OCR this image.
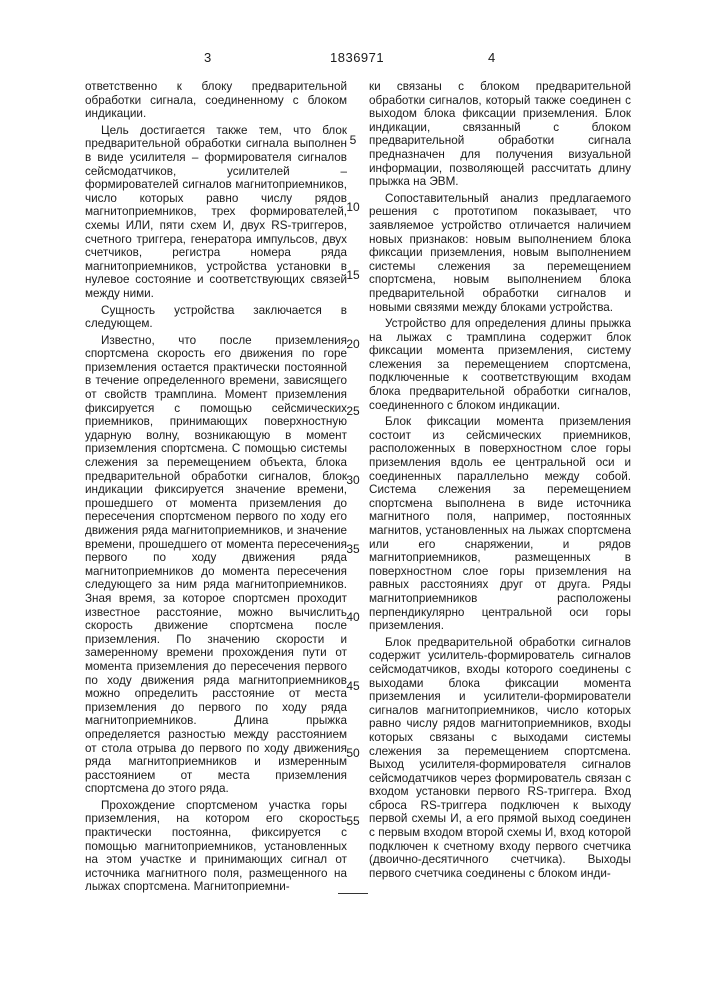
3	1836971	4

ответственно к блоку предварительной обработки сигнала, соединенному с блоком индикации.

Цель достигается также тем, что блок предварительной обработки сигнала выполнен в виде усилителя – формирователя сигналов сейсмодатчиков, усилителей – формирователей сигналов магнитоприемников, число которых равно числу рядов магнитоприемников, трех формирователей, схемы ИЛИ, пяти схем И, двух RS-триггеров, счетного триггера, генератора импульсов, двух счетчиков, регистра номера ряда магнитоприемников, устройства установки в нулевое состояние и соответствующих связей между ними.

Сущность устройства заключается в следующем.

Известно, что после приземления спортсмена скорость его движения по горе приземления остается практически постоянной в течение определенного времени, зависящего от свойств трамплина. Момент приземления фиксируется с помощью сейсмических приемников, принимающих поверхностную ударную волну, возникающую в момент приземления спортсмена. С помощью системы слежения за перемещением объекта, блока предварительной обработки сигналов, блок индикации фиксируется значение времени, прошедшего от момента приземления до пересечения спортсменом первого по ходу его движения ряда магнитоприемников, и значение времени, прошедшего от момента пересечения первого по ходу движения ряда магнитоприемников до момента пересечения следующего за ним ряда магнитоприемников. Зная время, за которое спортсмен проходит известное расстояние, можно вычислить скорость движение спортсмена после приземления. По значению скорости и замеренному времени прохождения пути от момента приземления до пересечения первого по ходу движения ряда магнитоприемников можно определить расстояние от места приземления до первого по ходу ряда магнитоприемников. Длина прыжка определяется разностью между расстоянием от стола отрыва до первого по ходу движения ряда магнитоприемников и измеренным расстоянием от места приземления спортсмена до этого ряда.

Прохождение спортсменом участка горы приземления, на котором его скорость практически постоянна, фиксируется с помощью магнитоприемников, установленных на этом участке и принимающих сигнал от источника магнитного поля, размещенного на лыжах спортсмена. Магнитоприемни-

5
10
15
20
25
30
35
40
45
50
55

ки связаны с блоком предварительной обработки сигналов, который также соединен с выходом блока фиксации приземления. Блок индикации, связанный с блоком предварительной обработки сигнала предназначен для получения визуальной информации, позволяющей рассчитать длину прыжка на ЭВМ.

Сопоставительный анализ предлагаемого решения с прототипом показывает, что заявляемое устройство отличается наличием новых признаков: новым выполнением блока фиксации приземления, новым выполнением системы слежения за перемещением спортсмена, новым выполнением блока предварительной обработки сигналов и новыми связями между блоками устройства.

Устройство для определения длины прыжка на лыжах с трамплина содержит блок фиксации момента приземления, систему слежения за перемещением спортсмена, подключенные к соответствующим входам блока предварительной обработки сигналов, соединенного с блоком индикации.

Блок фиксации момента приземления состоит из сейсмических приемников, расположенных в поверхностном слое горы приземления вдоль ее центральной оси и соединенных параллельно между собой. Система слежения за перемещением спортсмена выполнена в виде источника магнитного поля, например, постоянных магнитов, установленных на лыжах спортсмена или его снаряжении, и рядов магнитоприемников, размещенных в поверхностном слое горы приземления на равных расстояниях друг от друга. Ряды магнитоприемников расположены перпендикулярно центральной оси горы приземления.

Блок предварительной обработки сигналов содержит усилитель-формирователь сигналов сейсмодатчиков, входы которого соединены с выходами блока фиксации момента приземления и усилители-формирователи сигналов магнитоприемников, число которых равно числу рядов магнитоприемников, входы которых связаны с выходами системы слежения за перемещением спортсмена. Выход усилителя-формирователя сигналов сейсмодатчиков через формирователь связан с входом установки первого RS-триггера. Вход сброса RS-триггера подключен к выходу первой схемы И, а его прямой выход соединен с первым входом второй схемы И, вход которой подключен к счетному входу первого счетчика (двоично-десятичного счетчика). Выходы первого счетчика соединены с блоком инди-
